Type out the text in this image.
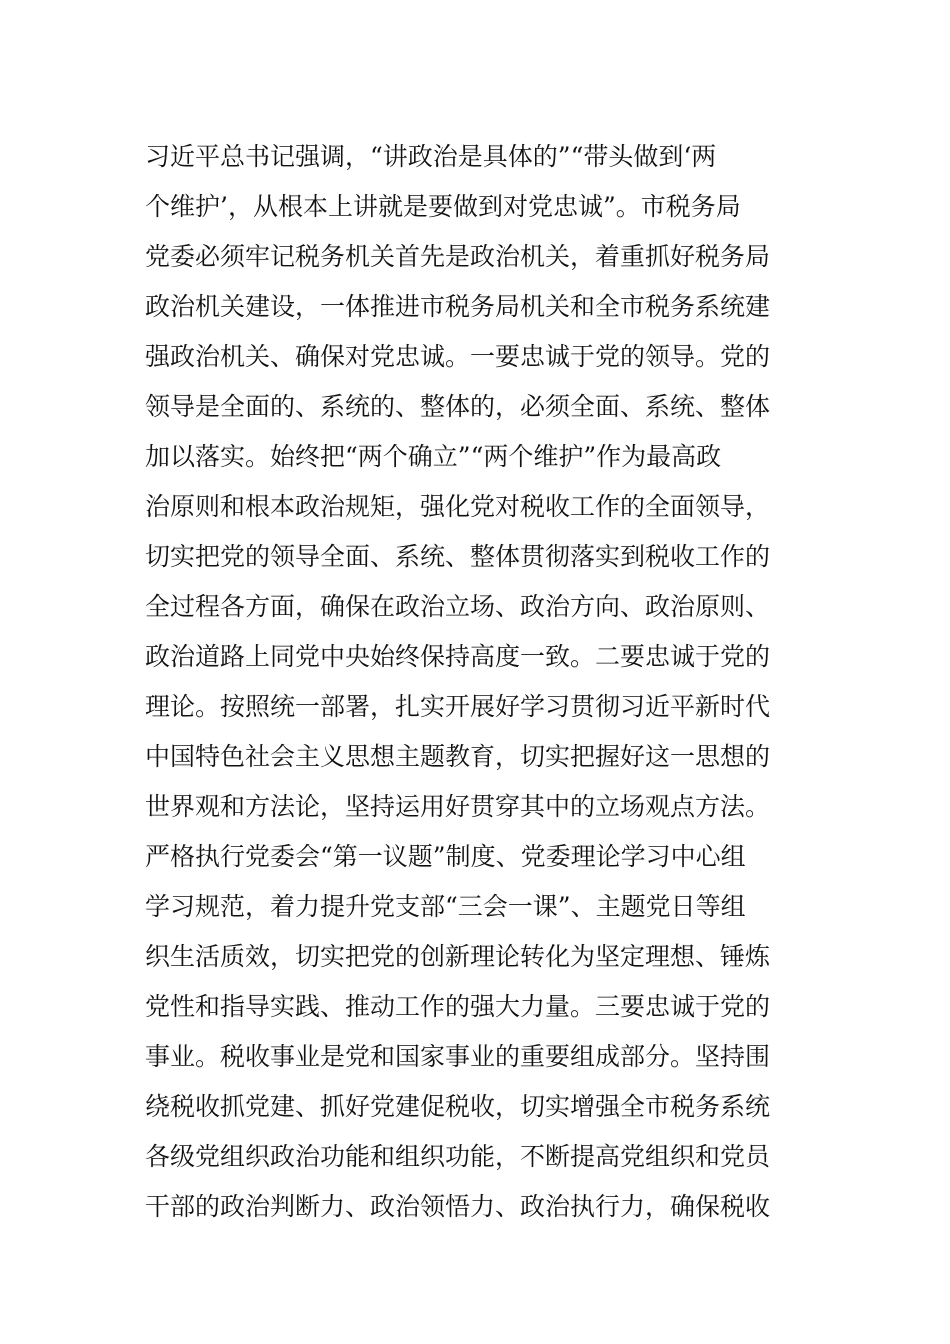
习近平总书记强调，“讲政治是具体的”“带头做到‘两
个维护’，从根本上讲就是要做到对党忠诚”。市税务局
党委必须牢记税务机关首先是政治机关，着重抓好税务局
政治机关建设，一体推进市税务局机关和全市税务系统建
强政治机关、确保对党忠诚。一要忠诚于党的领导。党的
领导是全面的、系统的、整体的，必须全面、系统、整体
加以落实。始终把“两个确立”“两个维护”作为最高政
治原则和根本政治规矩，强化党对税收工作的全面领导，
切实把党的领导全面、系统、整体贯彻落实到税收工作的
全过程各方面，确保在政治立场、政治方向、政治原则、
政治道路上同党中央始终保持高度一致。二要忠诚于党的
理论。按照统一部署，扎实开展好学习贯彻习近平新时代
中国特色社会主义思想主题教育，切实把握好这一思想的
世界观和方法论，坚持运用好贯穿其中的立场观点方法。
严格执行党委会“第一议题”制度、党委理论学习中心组
学习规范，着力提升党支部“三会一课”、主题党日等组
织生活质效，切实把党的创新理论转化为坚定理想、锤炼
党性和指导实践、推动工作的强大力量。三要忠诚于党的
事业。税收事业是党和国家事业的重要组成部分。坚持围
绕税收抓党建、抓好党建促税收，切实增强全市税务系统
各级党组织政治功能和组织功能，不断提高党组织和党员
干部的政治判断力、政治领悟力、政治执行力，确保税收
